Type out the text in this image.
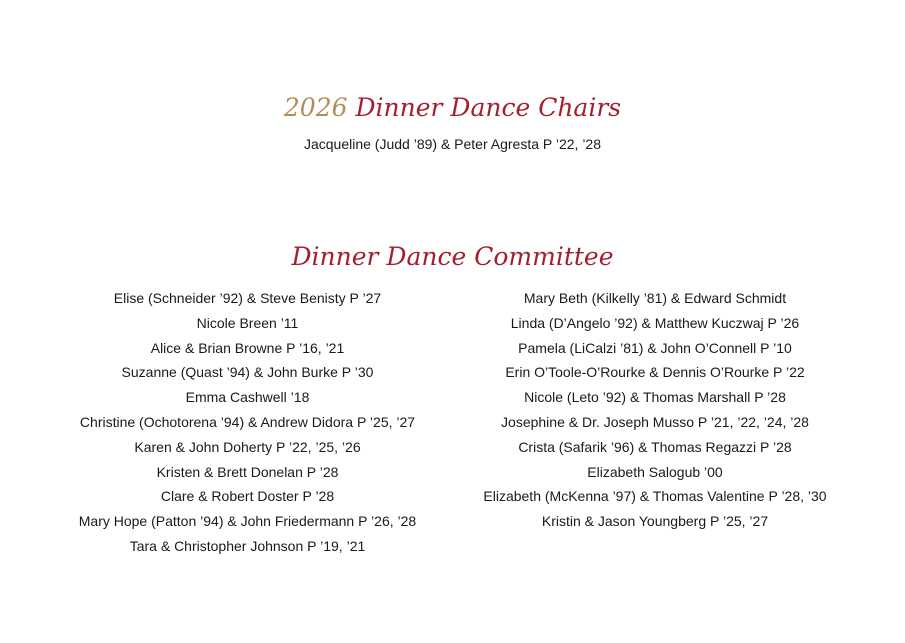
2026 Dinner Dance Chairs
Jacqueline (Judd ’89) & Peter Agresta P ’22, ’28
Dinner Dance Committee
Elise (Schneider ’92) & Steve Benisty P ’27
Nicole Breen ’11
Alice & Brian Browne P ’16, ’21
Suzanne (Quast ’94) & John Burke P ’30
Emma Cashwell ’18
Christine (Ochotorena ’94) & Andrew Didora P ’25, ’27
Karen & John Doherty P ’22, ’25, ’26
Kristen & Brett Donelan P ’28
Clare & Robert Doster P ’28
Mary Hope (Patton ’94) & John Friedermann P ’26, ’28
Tara & Christopher Johnson P ’19, ’21
Mary Beth (Kilkelly ’81) & Edward Schmidt
Linda (D’Angelo ’92) & Matthew Kuczwaj P ’26
Pamela (LiCalzi ’81) & John O’Connell P ’10
Erin O’Toole-O’Rourke & Dennis O’Rourke P ’22
Nicole (Leto ’92) & Thomas Marshall P ’28
Josephine & Dr. Joseph Musso P ’21, ’22, ’24, ’28
Crista (Safarik ’96) & Thomas Regazzi P ’28
Elizabeth Salogub ’00
Elizabeth (McKenna ’97) & Thomas Valentine P ’28, ’30
Kristin & Jason Youngberg P ’25, ’27
